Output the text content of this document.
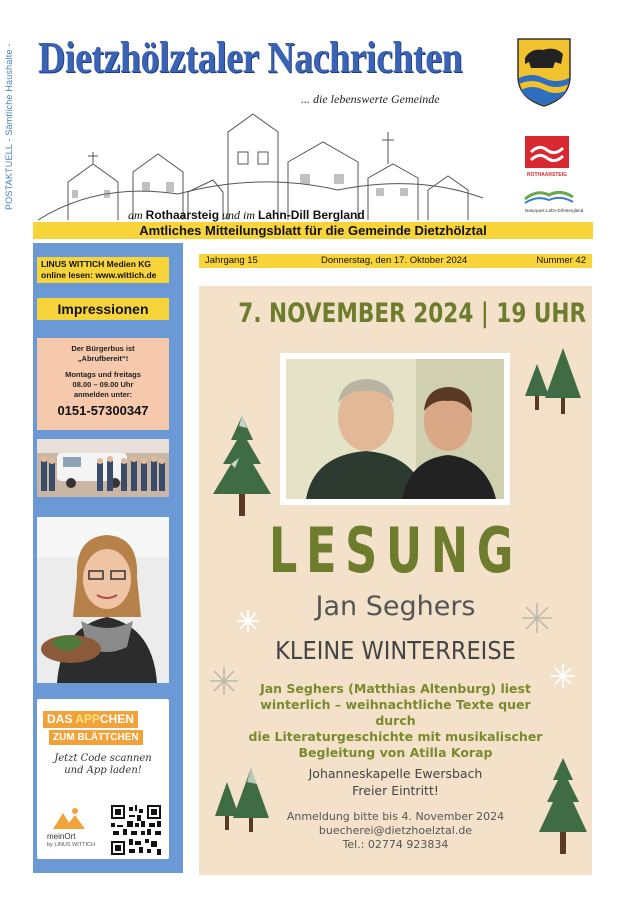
POSTAKTUELL - Sämtliche Haushalte - Dietzhölztaler Nachrichten
... die lebenswerte Gemeinde
am Rothaarsteig und im Lahn-Dill Bergland
ROTHAARSTEIG
Naturpark Lahn-Dill-Bergland
Amtliches Mitteilungsblatt für die Gemeinde Dietzhölztal
LINUS WITTICH Medien KG
online lesen: www.wittich.de
Impressionen
Der Bürgerbus ist
„Abrufbereit“!
Montags und freitags
08.00 – 09.00 Uhr
anmelden unter:
0151-57300347
DAS APPCHEN
ZUM BLÄTTCHEN
Jetzt Code scannen
und App laden!
meinOrt
by LINUS WITTICH
Jahrgang 15	Donnerstag, den 17. Oktober 2024	Nummer 42
7. NOVEMBER 2024 | 19 UHR
LESUNG
Jan Seghers
KLEINE WINTERREISE
Jan Seghers (Matthias Altenburg) liest
winterlich – weihnachtliche Texte quer durch
die Literaturgeschichte mit musikalischer
Begleitung von Atilla Korap
Johanneskapelle Ewersbach
Freier Eintritt!
Anmeldung bitte bis 4. November 2024
buecherei@dietzhoelztal.de
Tel.: 02774 923834
